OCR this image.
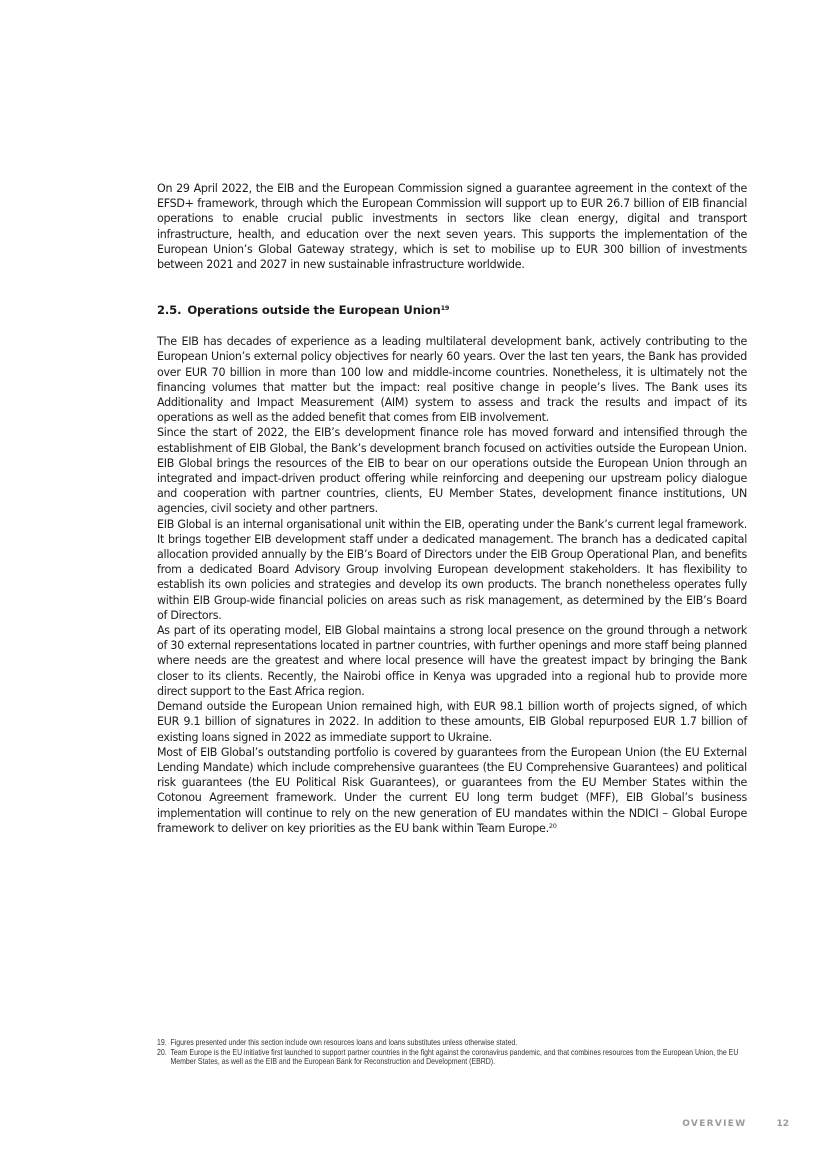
On 29 April 2022, the EIB and the European Commission signed a guarantee agreement in the context of the EFSD+ framework, through which the European Commission will support up to EUR 26.7 billion of EIB financial operations to enable crucial public investments in sectors like clean energy, digital and transport infrastructure, health, and education over the next seven years. This supports the implementation of the European Union’s Global Gateway strategy, which is set to mobilise up to EUR 300 billion of investments between 2021 and 2027 in new sustainable infrastructure worldwide.

2.5. Operations outside the European Union$^{19}$

The EIB has decades of experience as a leading multilateral development bank, actively contributing to the European Union’s external policy objectives for nearly 60 years. Over the last ten years, the Bank has provided over EUR 70 billion in more than 100 low and middle-income countries. Nonetheless, it is ultimately not the financing volumes that matter but the impact: real positive change in people’s lives. The Bank uses its Additionality and Impact Measurement (AIM) system to assess and track the results and impact of its operations as well as the added benefit that comes from EIB involvement.

Since the start of 2022, the EIB’s development finance role has moved forward and intensified through the establishment of EIB Global, the Bank’s development branch focused on activities outside the European Union. EIB Global brings the resources of the EIB to bear on our operations outside the European Union through an integrated and impact-driven product offering while reinforcing and deepening our upstream policy dialogue and cooperation with partner countries, clients, EU Member States, development finance institutions, UN agencies, civil society and other partners.

EIB Global is an internal organisational unit within the EIB, operating under the Bank’s current legal framework. It brings together EIB development staff under a dedicated management. The branch has a dedicated capital allocation provided annually by the EIB’s Board of Directors under the EIB Group Operational Plan, and benefits from a dedicated Board Advisory Group involving European development stakeholders. It has flexibility to establish its own policies and strategies and develop its own products. The branch nonetheless operates fully within EIB Group-wide financial policies on areas such as risk management, as determined by the EIB’s Board of Directors.

As part of its operating model, EIB Global maintains a strong local presence on the ground through a network of 30 external representations located in partner countries, with further openings and more staff being planned where needs are the greatest and where local presence will have the greatest impact by bringing the Bank closer to its clients. Recently, the Nairobi office in Kenya was upgraded into a regional hub to provide more direct support to the East Africa region.

Demand outside the European Union remained high, with EUR 98.1 billion worth of projects signed, of which EUR 9.1 billion of signatures in 2022. In addition to these amounts, EIB Global repurposed EUR 1.7 billion of existing loans signed in 2022 as immediate support to Ukraine.

Most of EIB Global’s outstanding portfolio is covered by guarantees from the European Union (the EU External Lending Mandate) which include comprehensive guarantees (the EU Comprehensive Guarantees) and political risk guarantees (the EU Political Risk Guarantees), or guarantees from the EU Member States within the Cotonou Agreement framework. Under the current EU long term budget (MFF), EIB Global’s business implementation will continue to rely on the new generation of EU mandates within the NDICI – Global Europe framework to deliver on key priorities as the EU bank within Team Europe.$^{20}$

19. Figures presented under this section include own resources loans and loans substitutes unless otherwise stated.
20. Team Europe is the EU initiative first launched to support partner countries in the fight against the coronavirus pandemic, and that combines resources from the European Union, the EU Member States, as well as the EIB and the European Bank for Reconstruction and Development (EBRD).
OVERVIEW	12
